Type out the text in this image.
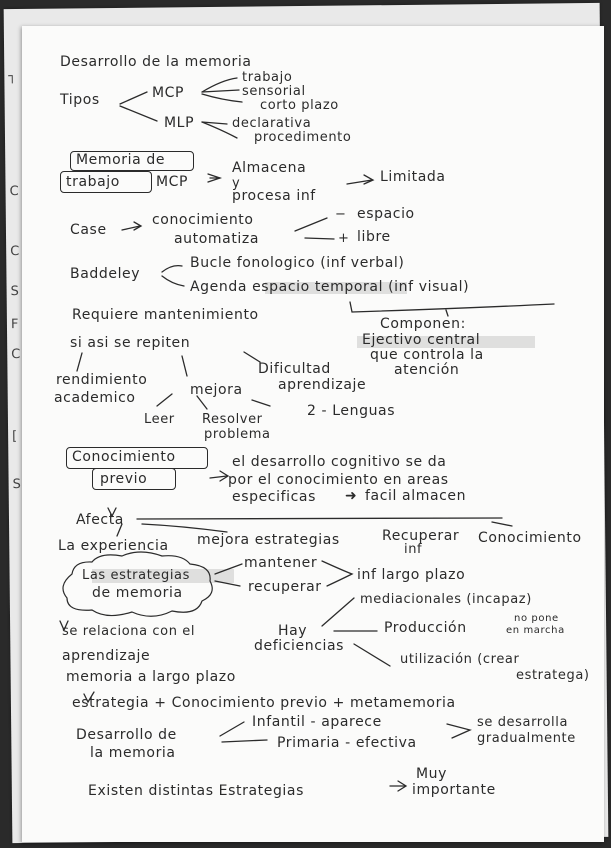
┐
C
C
S
F
C
[
S
Desarrollo de la memoria
Tipos	MCP
trabajo
sensorial
corto plazo
MLP	declarativa
procedimento
Memoria de
trabajo	MCP
Almacena
y
procesa inf
Limitada
Case
conocimiento
automatiza
− espacio
+ libre
Baddeley
Bucle fonologico (inf verbal)
Agenda espacio temporal (inf visual)
Componen:
Ejectivo central
que controla la
atención
Requiere mantenimiento
si asi se repiten
rendimiento
academico	mejora
Leer Resolver
problema
Dificultad
aprendizaje
2 - Lenguas
Conocimiento
previo
el desarrollo cognitivo se da
por el conocimiento en areas
especificas ➜ facil almacen
Afecta
La experiencia mejora estrategias	Recuperar
inf
Conocimiento
Las estrategias
de memoria
mantener
recuperar
inf largo plazo
mediacionales (incapaz)
se relaciona con el
aprendizaje
Hay
deficiencias
Producción
no pone
en marcha
utilización (crear
estratega)
memoria a largo plazo
estrategia + Conocimiento previo + metamemoria
Desarrollo de
la memoria
Infantil - aparece
Primaria - efectiva
se desarrolla
gradualmente
Existen distintas Estrategias
Muy
importante
